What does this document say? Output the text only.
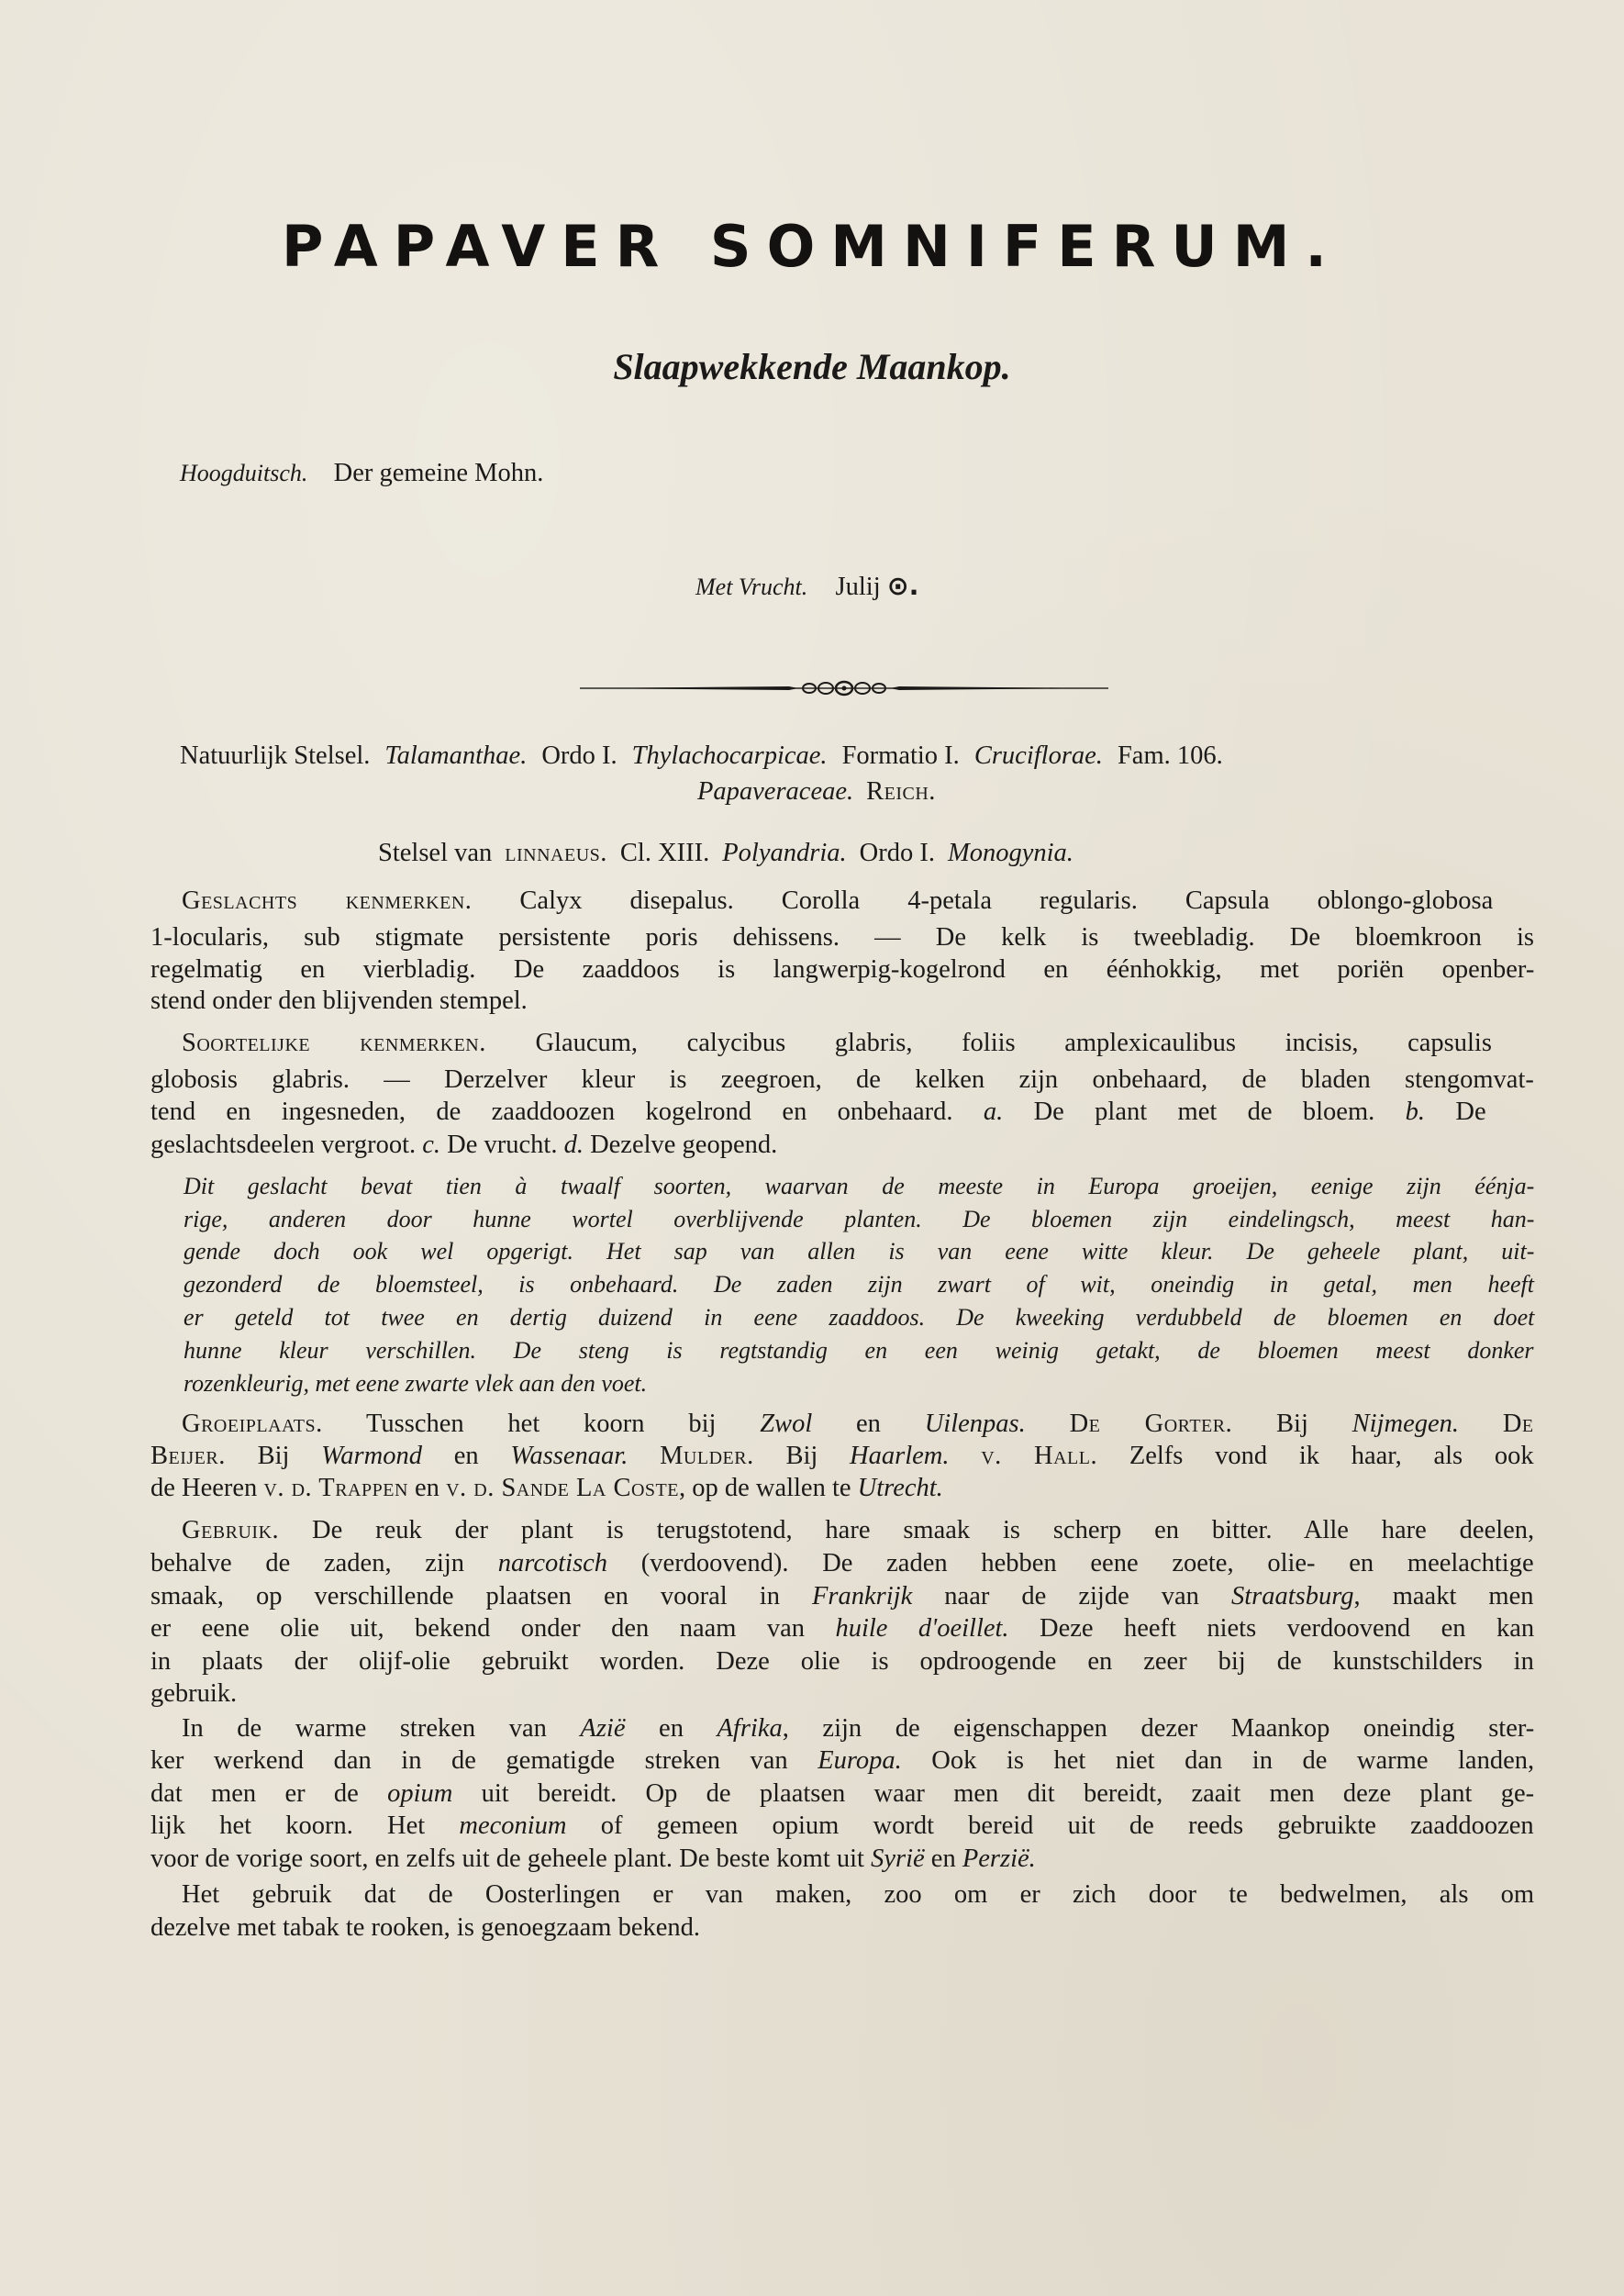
PAPAVER SOMNIFERUM.
Slaapwekkende Maankop.
Hoogduitsch. Der gemeine Mohn.
Met Vrucht. Julij ⊙.
Natuurlijk Stelsel. Talamanthae. Ordo I. Thylachocarpicae. Formatio I. Cruciflorae. Fam. 106.
Papaveraceae. Reich.
Stelsel van linnaeus. Cl. XIII. Polyandria. Ordo I. Monogynia.
Geslachts kenmerken. Calyx disepalus. Corolla 4-petala regularis. Capsula oblongo-globosa
1-locularis, sub stigmate persistente poris dehissens. — De kelk is tweebladig. De bloemkroon is
regelmatig en vierbladig. De zaaddoos is langwerpig-kogelrond en éénhokkig, met poriën openber-
stend onder den blijvenden stempel.
Soortelijke kenmerken. Glaucum, calycibus glabris, foliis amplexicaulibus incisis, capsulis
globosis glabris. — Derzelver kleur is zeegroen, de kelken zijn onbehaard, de bladen stengomvat-
tend en ingesneden, de zaaddoozen kogelrond en onbehaard. a. De plant met de bloem. b. De
geslachtsdeelen vergroot. c. De vrucht. d. Dezelve geopend.
Dit geslacht bevat tien à twaalf soorten, waarvan de meeste in Europa groeijen, eenige zijn éénja-
rige, anderen door hunne wortel overblijvende planten. De bloemen zijn eindelingsch, meest han-
gende doch ook wel opgerigt. Het sap van allen is van eene witte kleur. De geheele plant, uit-
gezonderd de bloemsteel, is onbehaard. De zaden zijn zwart of wit, oneindig in getal, men heeft
er geteld tot twee en dertig duizend in eene zaaddoos. De kweeking verdubbeld de bloemen en doet
hunne kleur verschillen. De steng is regtstandig en een weinig getakt, de bloemen meest donker
rozenkleurig, met eene zwarte vlek aan den voet.
Groeiplaats. Tusschen het koorn bij Zwol en Uilenpas. De Gorter. Bij Nijmegen. De
Beijer. Bij Warmond en Wassenaar. Mulder. Bij Haarlem. v. Hall. Zelfs vond ik haar, als ook
de Heeren v. d. Trappen en v. d. Sande La Coste, op de wallen te Utrecht.
Gebruik. De reuk der plant is terugstotend, hare smaak is scherp en bitter. Alle hare deelen,
behalve de zaden, zijn narcotisch (verdoovend). De zaden hebben eene zoete, olie- en meelachtige
smaak, op verschillende plaatsen en vooral in Frankrijk naar de zijde van Straatsburg, maakt men
er eene olie uit, bekend onder den naam van huile d'oeillet. Deze heeft niets verdoovend en kan
in plaats der olijf-olie gebruikt worden. Deze olie is opdroogende en zeer bij de kunstschilders in
gebruik.
In de warme streken van Azië en Afrika, zijn de eigenschappen dezer Maankop oneindig ster-
ker werkend dan in de gematigde streken van Europa. Ook is het niet dan in de warme landen,
dat men er de opium uit bereidt. Op de plaatsen waar men dit bereidt, zaait men deze plant ge-
lijk het koorn. Het meconium of gemeen opium wordt bereid uit de reeds gebruikte zaaddoozen
voor de vorige soort, en zelfs uit de geheele plant. De beste komt uit Syrië en Perzië.
Het gebruik dat de Oosterlingen er van maken, zoo om er zich door te bedwelmen, als om
dezelve met tabak te rooken, is genoegzaam bekend.
